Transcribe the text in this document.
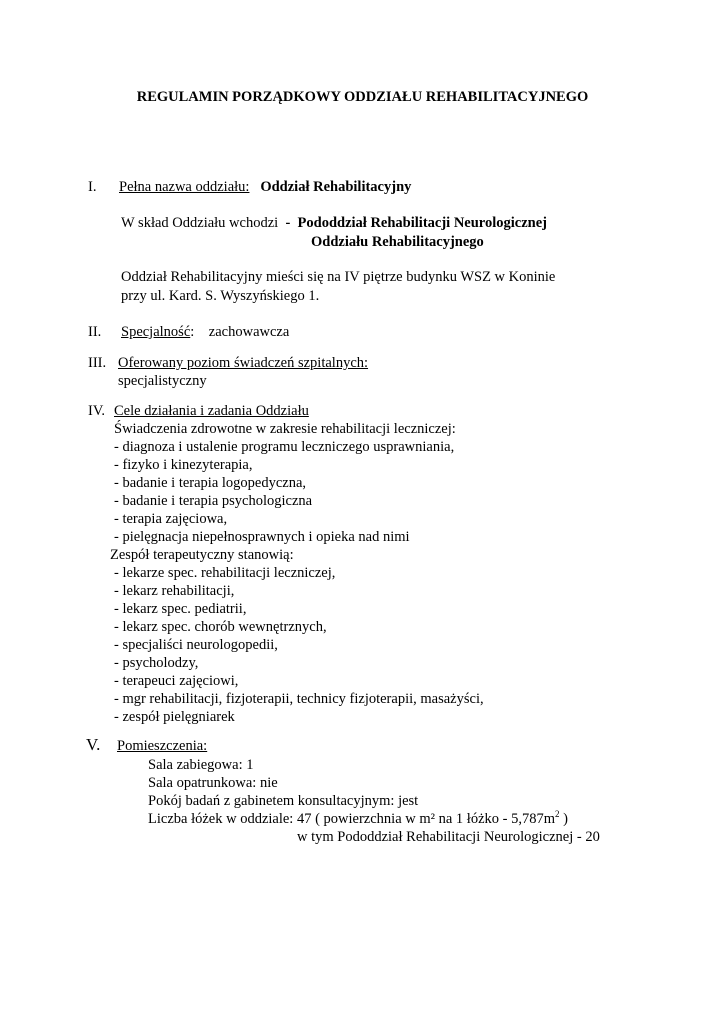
REGULAMIN PORZĄDKOWY ODDZIAŁU REHABILITACYJNEGO
I. Pełna nazwa oddziału: Oddział Rehabilitacyjny
W skład Oddziału wchodzi - Pododdział Rehabilitacji Neurologicznej
Oddziału Rehabilitacyjnego
Oddział Rehabilitacyjny mieści się na IV piętrze budynku WSZ w Koninie
przy ul. Kard. S. Wyszyńskiego 1.
II. Specjalność: zachowawcza
III. Oferowany poziom świadczeń szpitalnych:
specjalistyczny
IV. Cele działania i zadania Oddziału
Świadczenia zdrowotne w zakresie rehabilitacji leczniczej:
- diagnoza i ustalenie programu leczniczego usprawniania,
- fizyko i kinezyterapia,
- badanie i terapia logopedyczna,
- badanie i terapia psychologiczna
- terapia zajęciowa,
- pielęgnacja niepełnosprawnych i opieka nad nimi
Zespół terapeutyczny stanowią:
- lekarze spec. rehabilitacji leczniczej,
- lekarz rehabilitacji,
- lekarz spec. pediatrii,
- lekarz spec. chorób wewnętrznych,
- specjaliści neurologopedii,
- psycholodzy,
- terapeuci zajęciowi,
- mgr rehabilitacji, fizjoterapii, technicy fizjoterapii, masażyści,
- zespół pielęgniarek
V. Pomieszczenia:
Sala zabiegowa: 1
Sala opatrunkowa: nie
Pokój badań z gabinetem konsultacyjnym: jest
Liczba łóżek w oddziale: 47 ( powierzchnia w m² na 1 łóżko - $5,787m^2$ )
w tym Pododdział Rehabilitacji Neurologicznej - 20
